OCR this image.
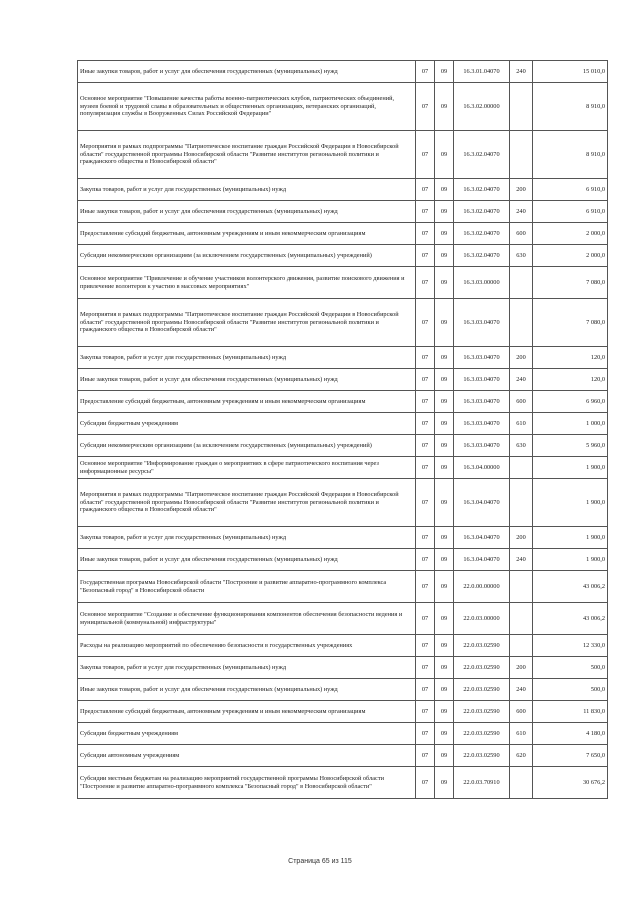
Иные закупки товаров, работ и услуг для обеспечения государственных (муниципальных) нужд	07	09	16.3.01.04070	240	15 010,0
Основное мероприятие "Повышение качества работы военно-патриотических клубов, патриотических объединений, музеев боевой и трудовой славы в образовательных и общественных организациях, ветеранских организаций, популяризация службы в Вооруженных Силах Российской Федерации"	07	09	16.3.02.00000		8 910,0
Мероприятия в рамках подпрограммы "Патриотическое воспитание граждан Российской Федерации в Новосибирской области" государственной программы Новосибирской области "Развитие институтов региональной политики и гражданского общества в Новосибирской области"	07	09	16.3.02.04070		8 910,0
Закупка товаров, работ и услуг для государственных (муниципальных) нужд	07	09	16.3.02.04070	200	6 910,0
Иные закупки товаров, работ и услуг для обеспечения государственных (муниципальных) нужд	07	09	16.3.02.04070	240	6 910,0
Предоставление субсидий бюджетным, автономным учреждениям и иным некоммерческим организациям	07	09	16.3.02.04070	600	2 000,0
Субсидии некоммерческим организациям (за исключением государственных (муниципальных) учреждений)	07	09	16.3.02.04070	630	2 000,0
Основное мероприятие "Привлечение и обучение участников волонтерского движения, развитие поискового движения и привлечение волонтеров к участию в массовых мероприятиях"	07	09	16.3.03.00000		7 080,0
Мероприятия в рамках подпрограммы "Патриотическое воспитание граждан Российской Федерации в Новосибирской области" государственной программы Новосибирской области "Развитие институтов региональной политики и гражданского общества в Новосибирской области"	07	09	16.3.03.04070		7 080,0
Закупка товаров, работ и услуг для государственных (муниципальных) нужд	07	09	16.3.03.04070	200	120,0
Иные закупки товаров, работ и услуг для обеспечения государственных (муниципальных) нужд	07	09	16.3.03.04070	240	120,0
Предоставление субсидий бюджетным, автономным учреждениям и иным некоммерческим организациям	07	09	16.3.03.04070	600	6 960,0
Субсидии бюджетным учреждениям	07	09	16.3.03.04070	610	1 000,0
Субсидии некоммерческим организациям (за исключением государственных (муниципальных) учреждений)	07	09	16.3.03.04070	630	5 960,0
Основное мероприятие "Информирование граждан о мероприятиях в сфере патриотического воспитания через информационные ресурсы"	07	09	16.3.04.00000		1 900,0
Мероприятия в рамках подпрограммы "Патриотическое воспитание граждан Российской Федерации в Новосибирской области" государственной программы Новосибирской области "Развитие институтов региональной политики и гражданского общества в Новосибирской области"	07	09	16.3.04.04070		1 900,0
Закупка товаров, работ и услуг для государственных (муниципальных) нужд	07	09	16.3.04.04070	200	1 900,0
Иные закупки товаров, работ и услуг для обеспечения государственных (муниципальных) нужд	07	09	16.3.04.04070	240	1 900,0
Государственная программа Новосибирской области "Построение и развитие аппаратно-программного комплекса "Безопасный город" в Новосибирской области	07	09	22.0.00.00000		43 006,2
Основное мероприятие "Создание и обеспечение функционирования компонентов обеспечения безопасности ведения и муниципальной (коммунальной) инфраструктуры"	07	09	22.0.03.00000		43 006,2
Расходы на реализацию мероприятий по обеспечению безопасности в государственных учреждениях	07	09	22.0.03.02590		12 330,0
Закупка товаров, работ и услуг для государственных (муниципальных) нужд	07	09	22.0.03.02590	200	500,0
Иные закупки товаров, работ и услуг для обеспечения государственных (муниципальных) нужд	07	09	22.0.03.02590	240	500,0
Предоставление субсидий бюджетным, автономным учреждениям и иным некоммерческим организациям	07	09	22.0.03.02590	600	11 830,0
Субсидии бюджетным учреждениям	07	09	22.0.03.02590	610	4 180,0
Субсидии автономным учреждениям	07	09	22.0.03.02590	620	7 650,0
Субсидии местным бюджетам на реализацию мероприятий государственной программы Новосибирской области "Построение и развитие аппаратно-программного комплекса "Безопасный город" в Новосибирской области"	07	09	22.0.03.70910		30 676,2
Страница 65 из 115
